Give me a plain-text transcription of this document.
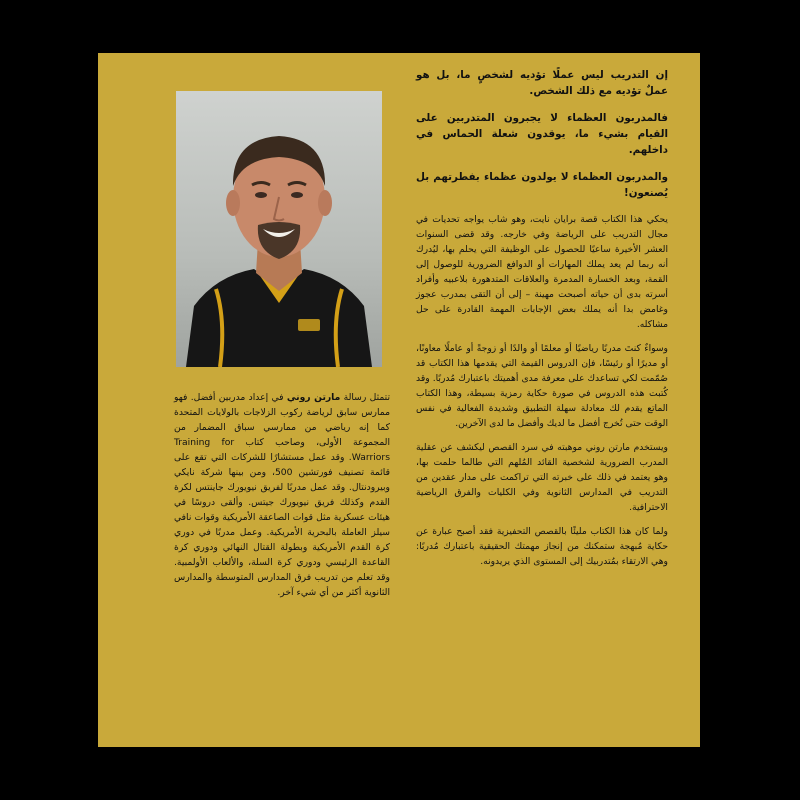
إن التدريب ليس عملًا تؤديه لشخصٍ ما، بل هو عملٌ تؤديه مع ذلك الشخص.

فالمدربون العظماء لا يجبرون المتدربين على القيام بشيء ما، يوقدون شعلة الحماس في داخلهم.

والمدربون العظماء لا يولدون عظماء بفطرتهم بل يُصنعون!

يحكي هذا الكتاب قصة برايان نايت، وهو شاب يواجه تحديات في مجال التدريب على الرياضة وفي خارجه. وقد قضى السنوات العشر الأخيرة ساعيًا للحصول على الوظيفة التي يحلم بها، ليُدرك أنه ربما لم يعد يملك المهارات أو الدوافع الضرورية للوصول إلى القمة، وبعد الخسارة المدمرة والعلاقات المتدهورة بلاعبيه وأفراد أسرته بدى أن حياته أصبحت مهينة – إلى أن التقى بمدرب عجوز وغامض بدا أنه يملك بعض الإجابات المهمة القادرة على حل مشاكله.

وسواءٌ كنتَ مدربًا رياضيًا أو معلمًا أو والدًا أو زوجةً أو عاملًا معاونًا، أو مديرًا أو رئيسًا، فإن الدروس القيمة التي يقدمها هذا الكتاب قد صُمّمت لكي تساعدك على معرفة مدى أهميتك باعتبارك مُدربًا. وقد كُتبت هذه الدروس في صورة حكاية رمزية بسيطة، وهذا الكتاب الماتع يقدم لك معادلة سهلة التطبيق وشديدة الفعالية في نفس الوقت حتى تُخرج أفضل ما لديك وأفضل ما لدى الآخرين.

ويستخدم مارتن روني موهبته في سرد القصص ليكشف عن عقلية المدرب الضرورية لشخصية القائد المُلهم التي طالما حلمت بها، وهو يعتمد في ذلك على خبرته التي تراكمت على مدار عقدين من التدريب في المدارس الثانوية وفي الكليات والفرق الرياضية الاحترافية.

ولما كان هذا الكتاب مليئًا بالقصص التحفيزية فقد أصبح عبارة عن حكاية مُبهجة ستمكنك من إنجاز مهمتك الحقيقية باعتبارك مُدربًا: وهي الارتقاء بمُتدربيك إلى المستوى الذي يريدونه.

تتمثل رسالة مارتن روني في إعداد مدربين أفضل. فهو ممارس سابق لرياضة ركوب الزلاجات بالولايات المتحدة كما إنه رياضي من ممارسي سباق المضمار من المجموعة الأولى، وصاحب كتاب Training for Warriors. وقد عمل مستشارًا للشركات التي تقع على قائمة تصنيف فورتشين 500، ومن بينها شركة نايكي وبيرودنتال. وقد عمل مدربًا لفريق نيويورك جاينتس لكرة القدم وكذلك فريق نيويورك جيتس. وألقى دروسًا في هيئات عسكرية مثل قوات الصاعقة الأمريكية وقوات نافي سيلز العاملة بالبحرية الأمريكية. وعمل مدربًا في دوري كرة القدم الأمريكية وبطولة القتال النهائي ودوري كرة القاعدة الرئيسي ودوري كرة السلة، والألعاب الأولمبية. وقد تعلم من تدريب فرق المدارس المتوسطة والمدارس الثانوية أكثر من أي شيء آخر.
